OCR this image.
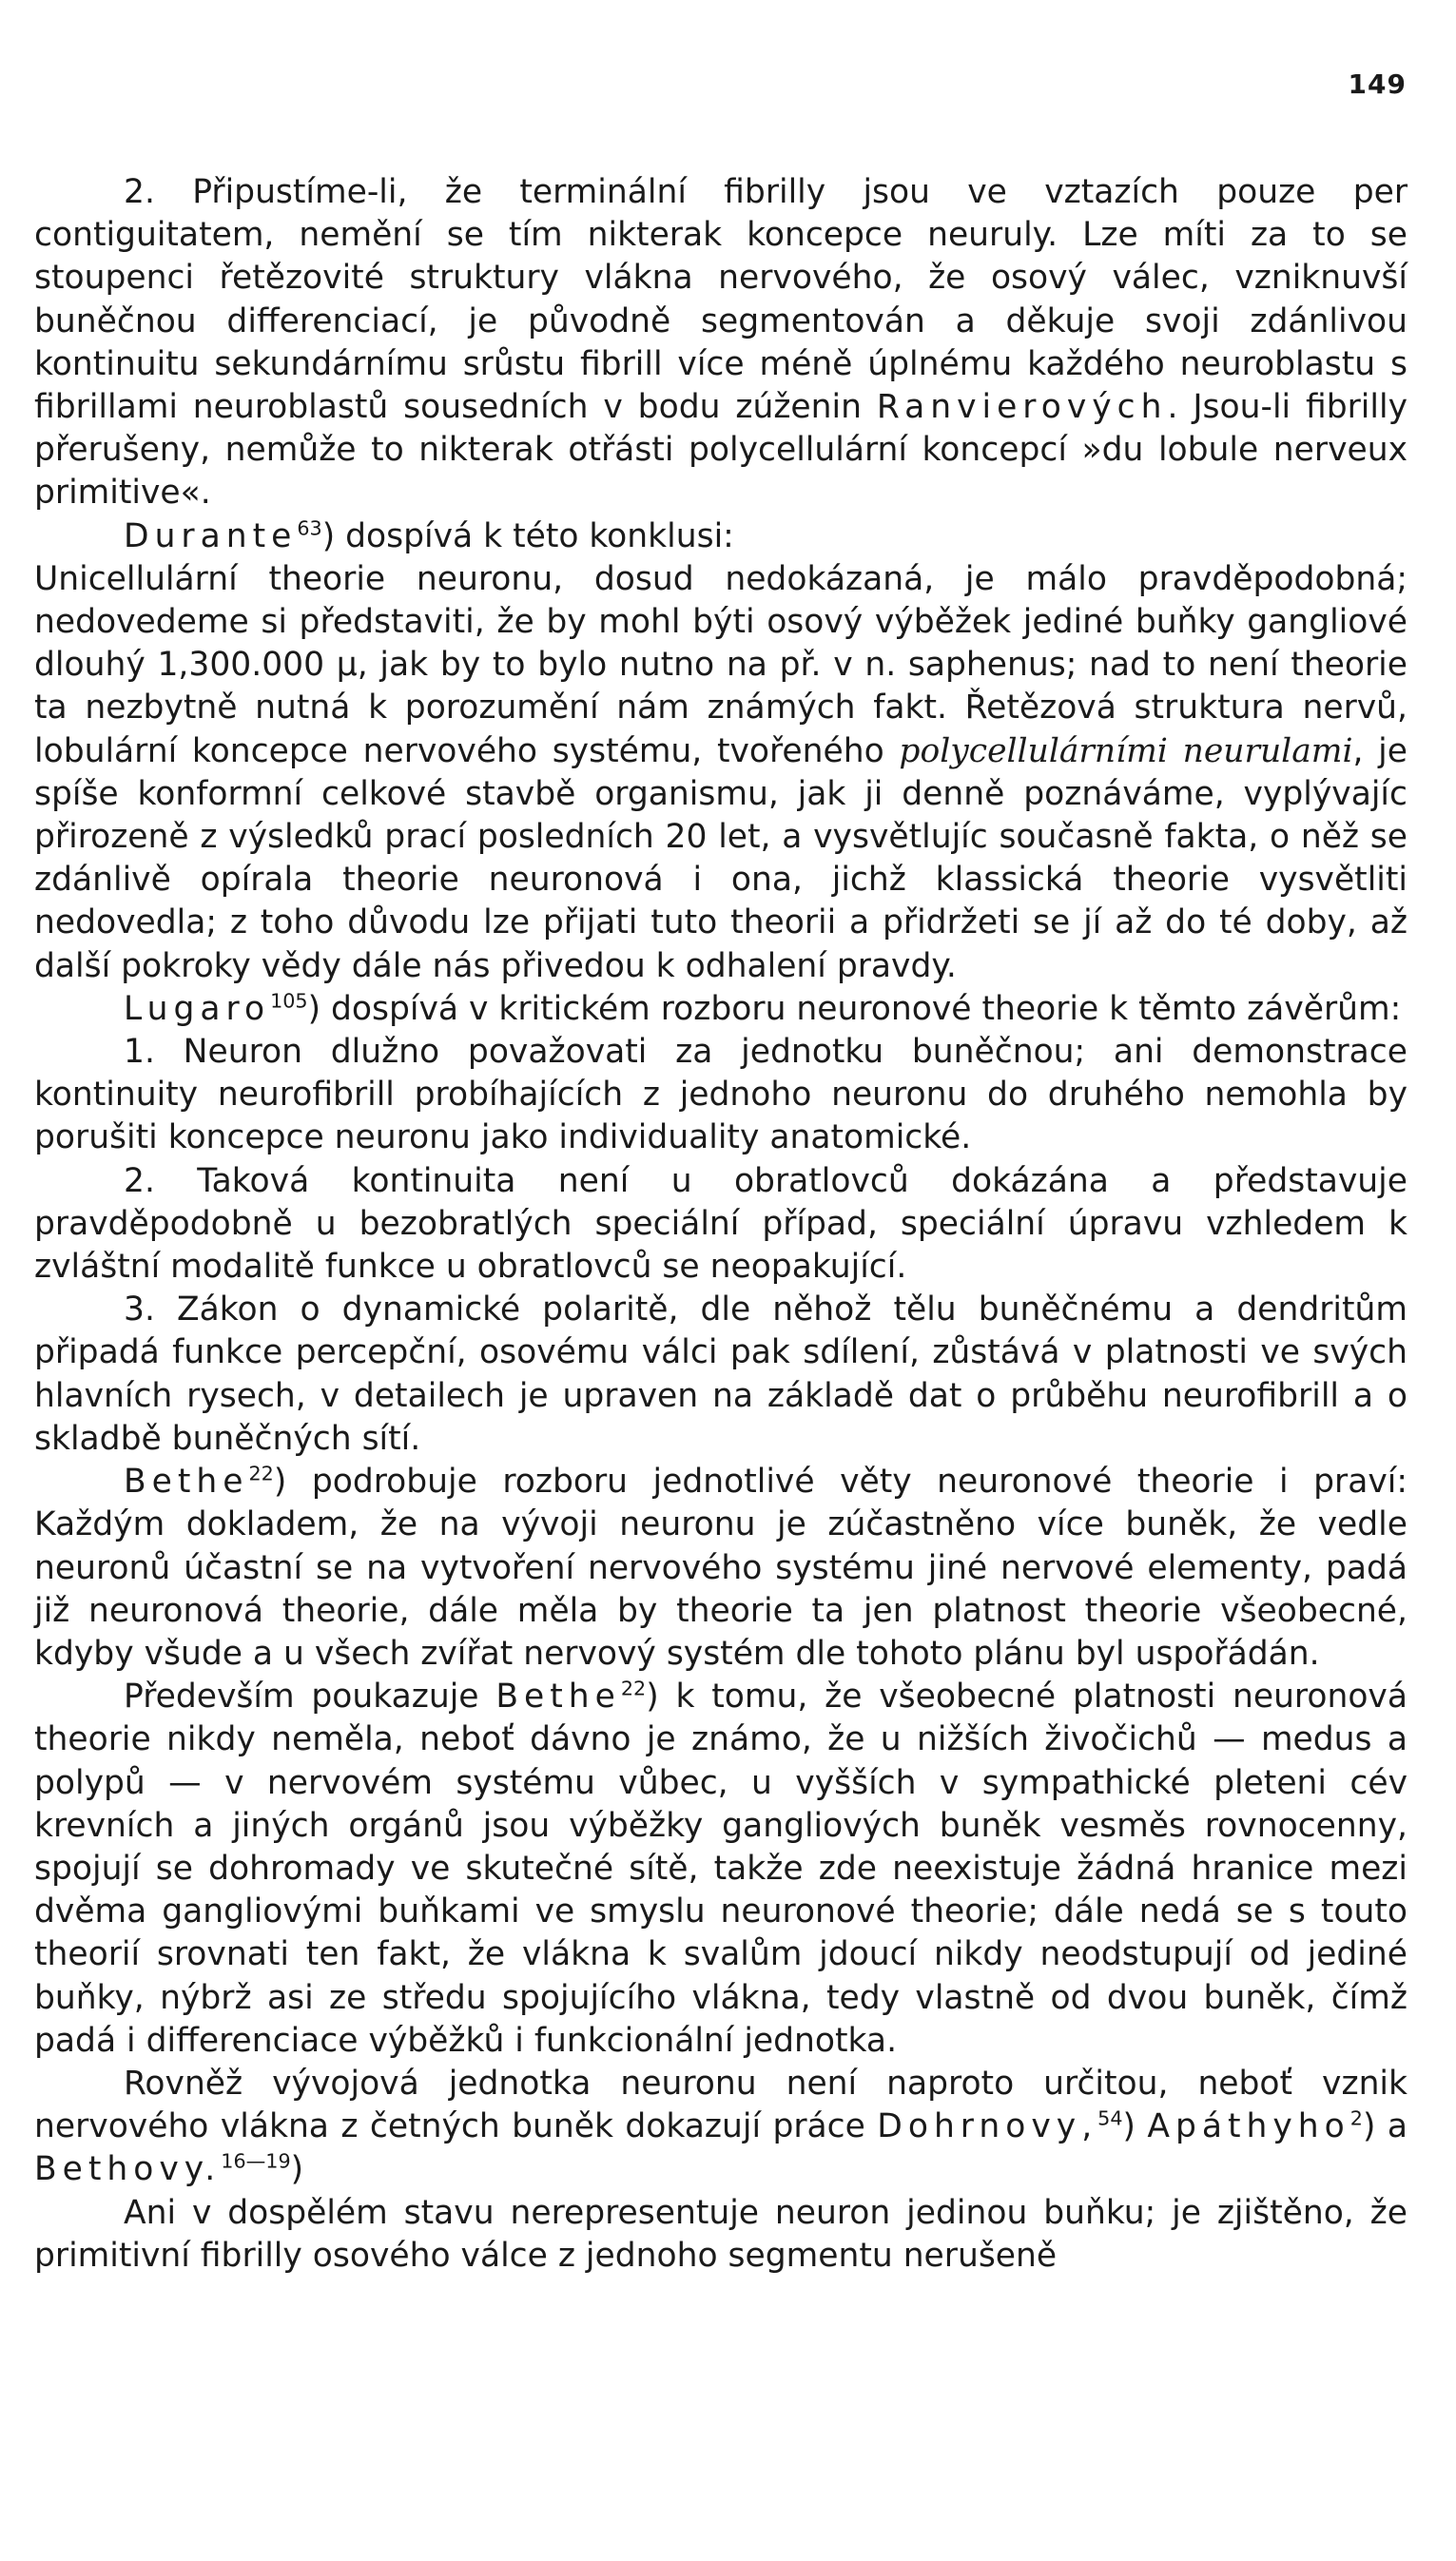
149

2. Připustíme-li, že terminální fibrilly jsou ve vztazích pouze per contiguitatem, nemění se tím nikterak koncepce neuruly. Lze míti za to se stoupenci řetězovité struktury vlákna nervového, že osový válec, vzniknuvší buněčnou differenciací, je původně segmentován a děkuje svoji zdánlivou kontinuitu sekundárnímu srůstu fibrill více méně úplnému každého neuroblastu s fibrillami neuroblastů sousedních v bodu zúženin Ranvierových. Jsou-li fibrilly přerušeny, nemůže to nikterak otřásti polycellulární koncepcí »du lobule nerveux primitive«.

Durante$^{63}$) dospívá k této konklusi:

Unicellulární theorie neuronu, dosud nedokázaná, je málo pravděpodobná; nedovedeme si představiti, že by mohl býti osový výběžek jediné buňky gangliové dlouhý 1,300.000 μ, jak by to bylo nutno na př. v n. saphenus; nad to není theorie ta nezbytně nutná k porozumění nám známých fakt. Řetězová struktura nervů, lobulární koncepce nervového systému, tvořeného polycellulárními neurulami, je spíše konformní celkové stavbě organismu, jak ji denně poznáváme, vyplývajíc přirozeně z výsledků prací posledních 20 let, a vysvětlujíc současně fakta, o něž se zdánlivě opírala theorie neuronová i ona, jichž klassická theorie vysvětliti nedovedla; z toho důvodu lze přijati tuto theorii a přidržeti se jí až do té doby, až další pokroky vědy dále nás přivedou k odhalení pravdy.

Lugaro$^{105}$) dospívá v kritickém rozboru neuronové theorie k těmto závěrům:

1. Neuron dlužno považovati za jednotku buněčnou; ani demonstrace kontinuity neurofibrill probíhajících z jednoho neuronu do druhého nemohla by porušiti koncepce neuronu jako individuality anatomické.

2. Taková kontinuita není u obratlovců dokázána a představuje pravděpodobně u bezobratlých speciální případ, speciální úpravu vzhledem k zvláštní modalitě funkce u obratlovců se neopakující.

3. Zákon o dynamické polaritě, dle něhož tělu buněčnému a dendritům připadá funkce percepční, osovému válci pak sdílení, zůstává v platnosti ve svých hlavních rysech, v detailech je upraven na základě dat o průběhu neurofibrill a o skladbě buněčných sítí.

Bethe$^{22}$) podrobuje rozboru jednotlivé věty neuronové theorie i praví: Každým dokladem, že na vývoji neuronu je zúčastněno více buněk, že vedle neuronů účastní se na vytvoření nervového systému jiné nervové elementy, padá již neuronová theorie, dále měla by theorie ta jen platnost theorie všeobecné, kdyby všude a u všech zvířat nervový systém dle tohoto plánu byl uspořádán.

Především poukazuje Bethe$^{22}$) k tomu, že všeobecné platnosti neuronová theorie nikdy neměla, neboť dávno je známo, že u nižších živočichů — medus a polypů — v nervovém systému vůbec, u vyšších v sympathické pleteni cév krevních a jiných orgánů jsou výběžky gangliových buněk vesměs rovnocenny, spojují se dohromady ve skutečné sítě, takže zde neexistuje žádná hranice mezi dvěma gangliovými buňkami ve smyslu neuronové theorie; dále nedá se s touto theorií srovnati ten fakt, že vlákna k svalům jdoucí nikdy neodstupují od jediné buňky, nýbrž asi ze středu spojujícího vlákna, tedy vlastně od dvou buněk, čímž padá i differenciace výběžků i funkcionální jednotka.

Rovněž vývojová jednotka neuronu není naproto určitou, neboť vznik nervového vlákna z četných buněk dokazují práce Dohrnovy,$^{54}$) Apáthyho$^2$) a Bethovy.$^{16—19}$)

Ani v dospělém stavu nerepresentuje neuron jedinou buňku; je zjištěno, že primitivní fibrilly osového válce z jednoho segmentu nerušeně
